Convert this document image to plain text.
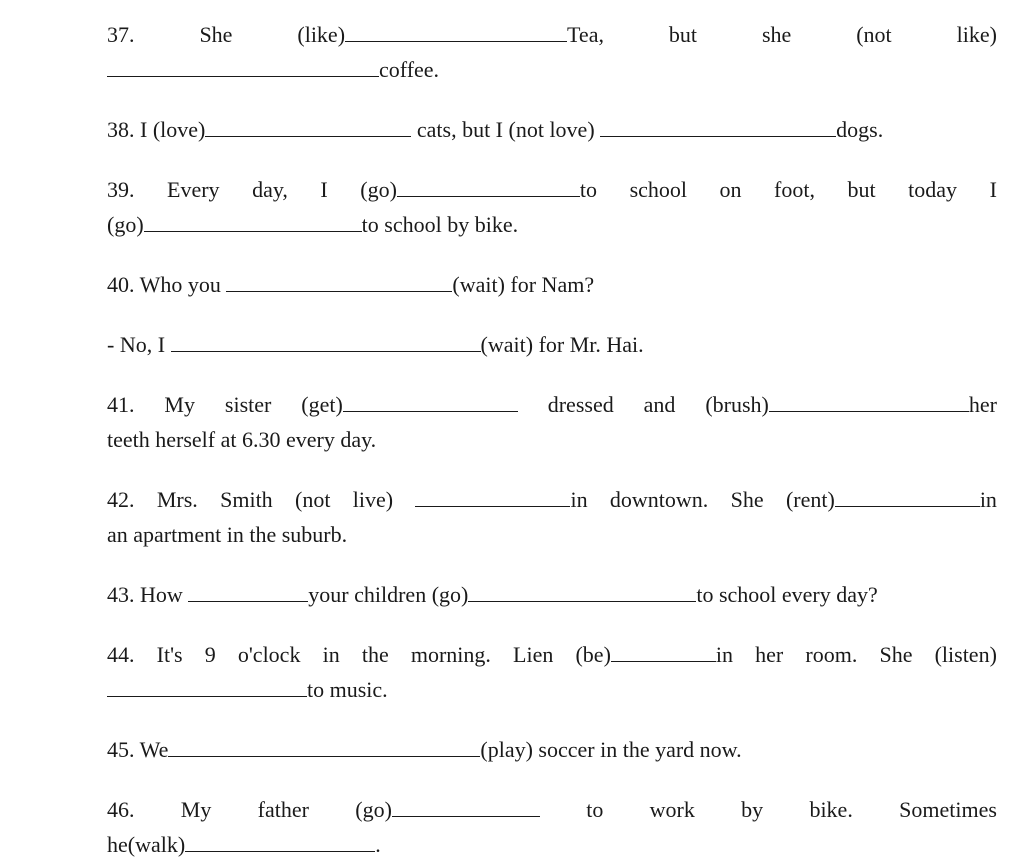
37.	She	(like)	Tea,	but	she	(not	like)
coffee.
38. I (love)	cats, but I (not love)	dogs.
39. Every day, I (go)	to school on foot, but today I
(go)	to school by bike.
40. Who you	(wait) for Nam?
- No, I	(wait) for Mr. Hai.
41. My sister (get)	dressed and (brush)	her
teeth herself at 6.30 every day.
42. Mrs. Smith (not live)	in downtown. She (rent)	in
an apartment in the suburb.
43. How	your children (go)	to school every day?
44. It's 9 o'clock in the morning. Lien (be)	in her room. She (listen)
to music.
45. We	(play) soccer in the yard now.
46. My father (go)	to work by bike. Sometimes
he(walk)	.
